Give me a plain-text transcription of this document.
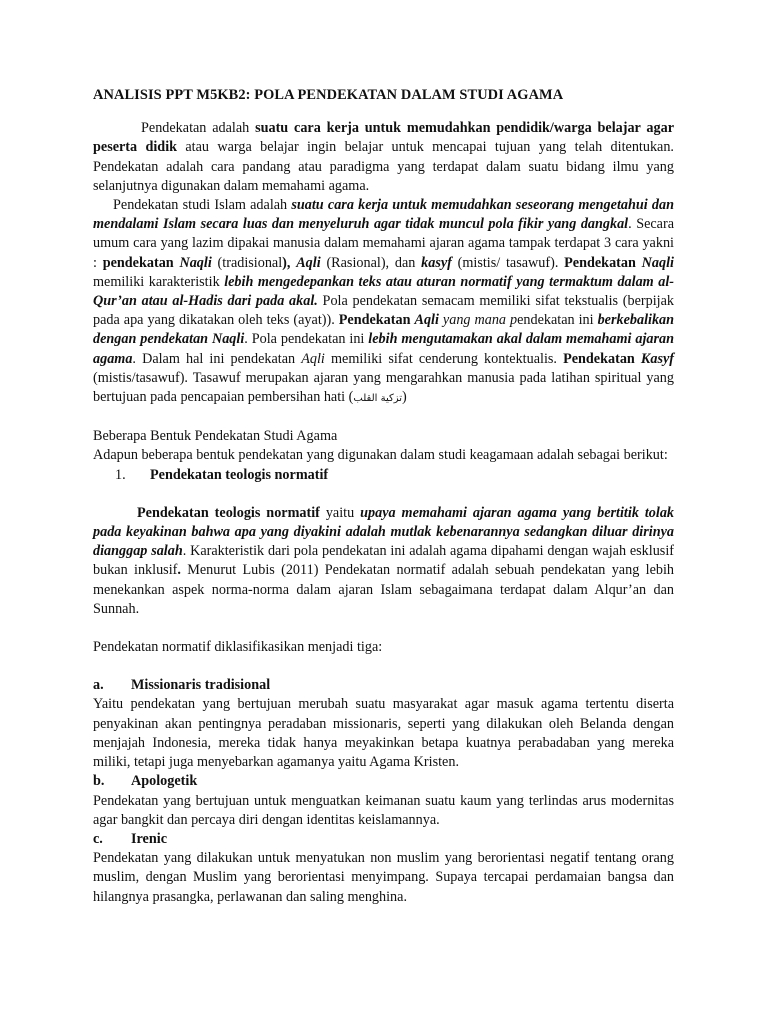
ANALISIS PPT M5KB2: POLA PENDEKATAN DALAM STUDI AGAMA

Pendekatan adalah suatu cara kerja untuk memudahkan pendidik/warga belajar agar peserta didik atau warga belajar ingin belajar untuk mencapai tujuan yang telah ditentukan. Pendekatan adalah cara pandang atau paradigma yang terdapat dalam suatu bidang ilmu yang selanjutnya digunakan dalam memahami agama.

Pendekatan studi Islam adalah suatu cara kerja untuk memudahkan seseorang mengetahui dan mendalami Islam secara luas dan menyeluruh agar tidak muncul pola fikir yang dangkal. Secara umum cara yang lazim dipakai manusia dalam memahami ajaran agama tampak terdapat 3 cara yakni : pendekatan Naqli (tradisional), Aqli (Rasional), dan kasyf (mistis/ tasawuf). Pendekatan Naqli memiliki karakteristik lebih mengedepankan teks atau aturan normatif yang termaktum dalam al-Qur’an atau al-Hadis dari pada akal. Pola pendekatan semacam memiliki sifat tekstualis (berpijak pada apa yang dikatakan oleh teks (ayat)). Pendekatan Aqli yang mana pendekatan ini berkebalikan dengan pendekatan Naqli. Pola pendekatan ini lebih mengutamakan akal dalam memahami ajaran agama. Dalam hal ini pendekatan Aqli memiliki sifat cenderung kontektualis. Pendekatan Kasyf (mistis/tasawuf). Tasawuf merupakan ajaran yang mengarahkan manusia pada latihan spiritual yang bertujuan pada pencapaian pembersihan hati (تزكية القلب)

Beberapa Bentuk Pendekatan Studi Agama

Adapun beberapa bentuk pendekatan yang digunakan dalam studi keagamaan adalah sebagai berikut:

1. Pendekatan teologis normatif

Pendekatan teologis normatif yaitu upaya memahami ajaran agama yang bertitik tolak pada keyakinan bahwa apa yang diyakini adalah mutlak kebenarannya sedangkan diluar dirinya dianggap salah. Karakteristik dari pola pendekatan ini adalah agama dipahami dengan wajah esklusif bukan inklusif. Menurut Lubis (2011) Pendekatan normatif adalah sebuah pendekatan yang lebih menekankan aspek norma-norma dalam ajaran Islam sebagaimana terdapat dalam Alqur’an dan Sunnah.

Pendekatan normatif diklasifikasikan menjadi tiga:

a. Missionaris tradisional

Yaitu pendekatan yang bertujuan merubah suatu masyarakat agar masuk agama tertentu diserta penyakinan akan pentingnya peradaban missionaris, seperti yang dilakukan oleh Belanda dengan menjajah Indonesia, mereka tidak hanya meyakinkan betapa kuatnya perabadaban yang mereka miliki, tetapi juga menyebarkan agamanya yaitu Agama Kristen.

b. Apologetik

Pendekatan yang bertujuan untuk menguatkan keimanan suatu kaum yang terlindas arus modernitas agar bangkit dan percaya diri dengan identitas keislamannya.

c. Irenic

Pendekatan yang dilakukan untuk menyatukan non muslim yang berorientasi negatif tentang orang muslim, dengan Muslim yang berorientasi menyimpang. Supaya tercapai perdamaian bangsa dan hilangnya prasangka, perlawanan dan saling menghina.
